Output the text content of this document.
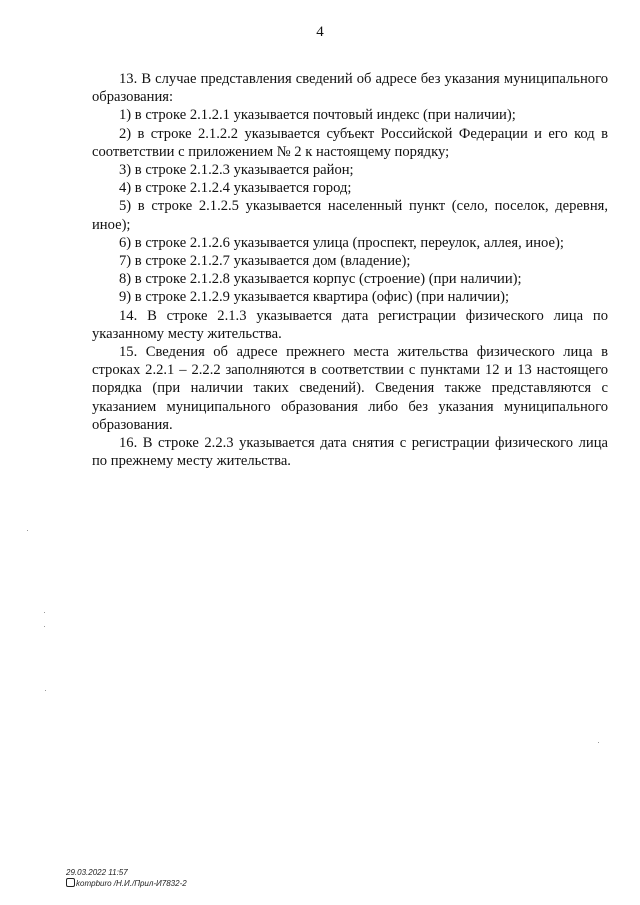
4

13. В случае представления сведений об адресе без указания муниципального образования:

1) в строке 2.1.2.1 указывается почтовый индекс (при наличии);

2) в строке 2.1.2.2 указывается субъект Российской Федерации и его код в соответствии с приложением № 2 к настоящему порядку;

3) в строке 2.1.2.3 указывается район;

4) в строке 2.1.2.4 указывается город;

5) в строке 2.1.2.5 указывается населенный пункт (село, поселок, деревня, иное);

6) в строке 2.1.2.6 указывается улица (проспект, переулок, аллея, иное);

7) в строке 2.1.2.7 указывается дом (владение);

8) в строке 2.1.2.8 указывается корпус (строение) (при наличии);

9) в строке 2.1.2.9 указывается квартира (офис) (при наличии);

14. В строке 2.1.3 указывается дата регистрации физического лица по указанному месту жительства.

15. Сведения об адресе прежнего места жительства физического лица в строках 2.2.1 – 2.2.2 заполняются в соответствии с пунктами 12 и 13 настоящего порядка (при наличии таких сведений). Сведения также представляются с указанием муниципального образования либо без указания муниципального образования.

16. В строке 2.2.3 указывается дата снятия с регистрации физического лица по прежнему месту жительства.

29.03.2022 11:57
kompburo /Н.И./Прил-И7832-2
